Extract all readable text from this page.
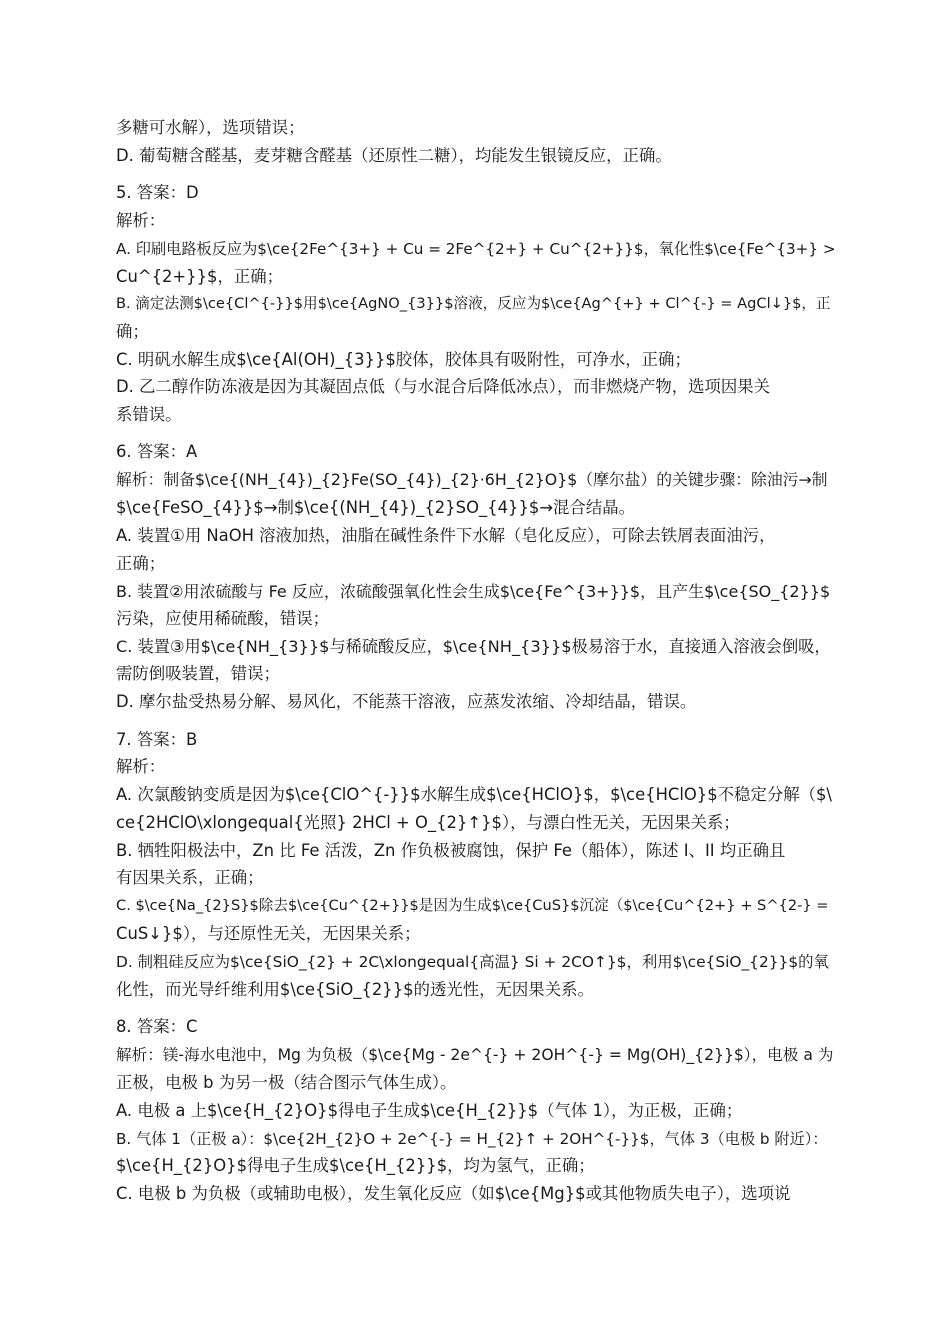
多糖可水解），选项错误；
D. 葡萄糖含醛基，麦芽糖含醛基（还原性二糖），均能发生银镜反应，正确。
5. 答案：D
解析：
A. 印刷电路板反应为$\ce{2Fe^{3+} + Cu = 2Fe^{2+} + Cu^{2+}}$，氧化性$\ce{Fe^{3+} >
Cu^{2+}}$，正确；
B. 滴定法测$\ce{Cl^{-}}$用$\ce{AgNO_{3}}$溶液，反应为$\ce{Ag^{+} + Cl^{-} = AgCl↓}$，正
确；
C. 明矾水解生成$\ce{Al(OH)_{3}}$胶体，胶体具有吸附性，可净水，正确；
D. 乙二醇作防冻液是因为其凝固点低（与水混合后降低冰点），而非燃烧产物，选项因果关
系错误。
6. 答案：A
解析：制备$\ce{(NH_{4})_{2}Fe(SO_{4})_{2}·6H_{2}O}$（摩尔盐）的关键步骤：除油污→制
$\ce{FeSO_{4}}$→制$\ce{(NH_{4})_{2}SO_{4}}$→混合结晶。
A. 装置①用 NaOH 溶液加热，油脂在碱性条件下水解（皂化反应），可除去铁屑表面油污，
正确；
B. 装置②用浓硫酸与 Fe 反应，浓硫酸强氧化性会生成$\ce{Fe^{3+}}$，且产生$\ce{SO_{2}}$
污染，应使用稀硫酸，错误；
C. 装置③用$\ce{NH_{3}}$与稀硫酸反应，$\ce{NH_{3}}$极易溶于水，直接通入溶液会倒吸，
需防倒吸装置，错误；
D. 摩尔盐受热易分解、易风化，不能蒸干溶液，应蒸发浓缩、冷却结晶，错误。
7. 答案：B
解析：
A. 次氯酸钠变质是因为$\ce{ClO^{-}}$水解生成$\ce{HClO}$，$\ce{HClO}$不稳定分解（$\
ce{2HClO\xlongequal{光照} 2HCl + O_{2}↑}$），与漂白性无关，无因果关系；
B. 牺牲阳极法中，Zn 比 Fe 活泼，Zn 作负极被腐蚀，保护 Fe（船体），陈述 I、II 均正确且
有因果关系，正确；
C. $\ce{Na_{2}S}$除去$\ce{Cu^{2+}}$是因为生成$\ce{CuS}$沉淀（$\ce{Cu^{2+} + S^{2-} =
CuS↓}$），与还原性无关，无因果关系；
D. 制粗硅反应为$\ce{SiO_{2} + 2C\xlongequal{高温} Si + 2CO↑}$，利用$\ce{SiO_{2}}$的氧
化性，而光导纤维利用$\ce{SiO_{2}}$的透光性，无因果关系。
8. 答案：C
解析：镁-海水电池中，Mg 为负极（$\ce{Mg - 2e^{-} + 2OH^{-} = Mg(OH)_{2}}$），电极 a 为
正极，电极 b 为另一极（结合图示气体生成）。
A. 电极 a 上$\ce{H_{2}O}$得电子生成$\ce{H_{2}}$（气体 1），为正极，正确；
B. 气体 1（正极 a）：$\ce{2H_{2}O + 2e^{-} = H_{2}↑ + 2OH^{-}}$，气体 3（电极 b 附近）：
$\ce{H_{2}O}$得电子生成$\ce{H_{2}}$，均为氢气，正确；
C. 电极 b 为负极（或辅助电极），发生氧化反应（如$\ce{Mg}$或其他物质失电子），选项说
